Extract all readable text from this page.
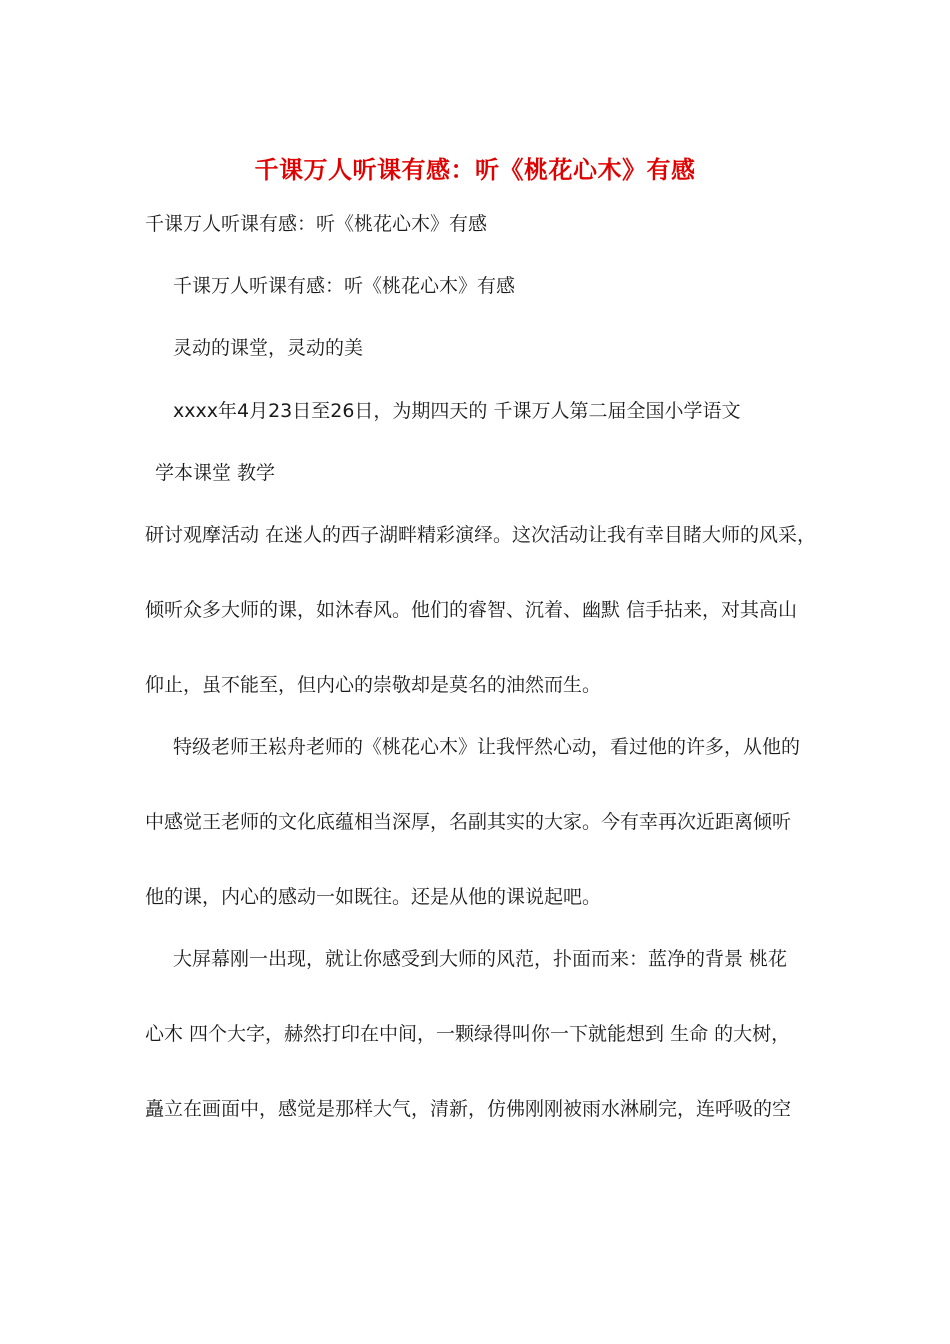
千课万人听课有感：听《桃花心木》有感
千课万人听课有感：听《桃花心木》有感
千课万人听课有感：听《桃花心木》有感
灵动的课堂，灵动的美
xxxx年4月23日至26日，为期四天的 千课万人第二届全国小学语文
学本课堂 教学
研讨观摩活动 在迷人的西子湖畔精彩演绎。这次活动让我有幸目睹大师的风采，
倾听众多大师的课，如沐春风。他们的睿智、沉着、幽默 信手拈来，对其高山
仰止，虽不能至，但内心的崇敬却是莫名的油然而生。
特级老师王崧舟老师的《桃花心木》让我怦然心动，看过他的许多，从他的
中感觉王老师的文化底蕴相当深厚，名副其实的大家。今有幸再次近距离倾听
他的课，内心的感动一如既往。还是从他的课说起吧。
大屏幕刚一出现，就让你感受到大师的风范，扑面而来：蓝净的背景 桃花
心木 四个大字，赫然打印在中间，一颗绿得叫你一下就能想到 生命 的大树，
矗立在画面中，感觉是那样大气，清新，仿佛刚刚被雨水淋刷完，连呼吸的空
